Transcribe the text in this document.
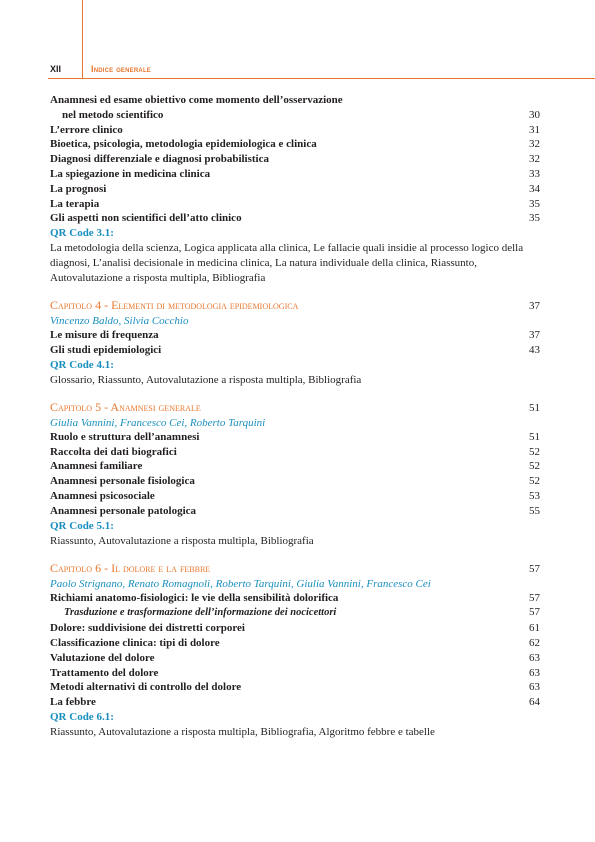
XII	Indice generale
Anamnesi ed esame obiettivo come momento dell’osservazione
nel metodo scientifico	30
L’errore clinico	31
Bioetica, psicologia, metodologia epidemiologica e clinica	32
Diagnosi differenziale e diagnosi probabilistica	32
La spiegazione in medicina clinica	33
La prognosi	34
La terapia	35
Gli aspetti non scientifici dell’atto clinico	35
QR Code 3.1:
La metodologia della scienza, Logica applicata alla clinica, Le fallacie quali insidie al processo logico della diagnosi, L’analisi decisionale in medicina clinica, La natura individuale della clinica, Riassunto, Autovalutazione a risposta multipla, Bibliografia
Capitolo 4 - Elementi di metodologia epidemiologica	37
Vincenzo Baldo, Silvia Cocchio
Le misure di frequenza	37
Gli studi epidemiologici	43
QR Code 4.1:
Glossario, Riassunto, Autovalutazione a risposta multipla, Bibliografia
Capitolo 5 - Anamnesi generale	51
Giulia Vannini, Francesco Cei, Roberto Tarquini
Ruolo e struttura dell’anamnesi	51
Raccolta dei dati biografici	52
Anamnesi familiare	52
Anamnesi personale fisiologica	52
Anamnesi psicosociale	53
Anamnesi personale patologica	55
QR Code 5.1:
Riassunto, Autovalutazione a risposta multipla, Bibliografia
Capitolo 6 - Il dolore e la febbre	57
Paolo Strignano, Renato Romagnoli, Roberto Tarquini, Giulia Vannini, Francesco Cei
Richiami anatomo-fisiologici: le vie della sensibilità dolorifica	57
Trasduzione e trasformazione dell’informazione dei nocicettori	57
Dolore: suddivisione dei distretti corporei	61
Classificazione clinica: tipi di dolore	62
Valutazione del dolore	63
Trattamento del dolore	63
Metodi alternativi di controllo del dolore	63
La febbre	64
QR Code 6.1:
Riassunto, Autovalutazione a risposta multipla, Bibliografia, Algoritmo febbre e tabelle
